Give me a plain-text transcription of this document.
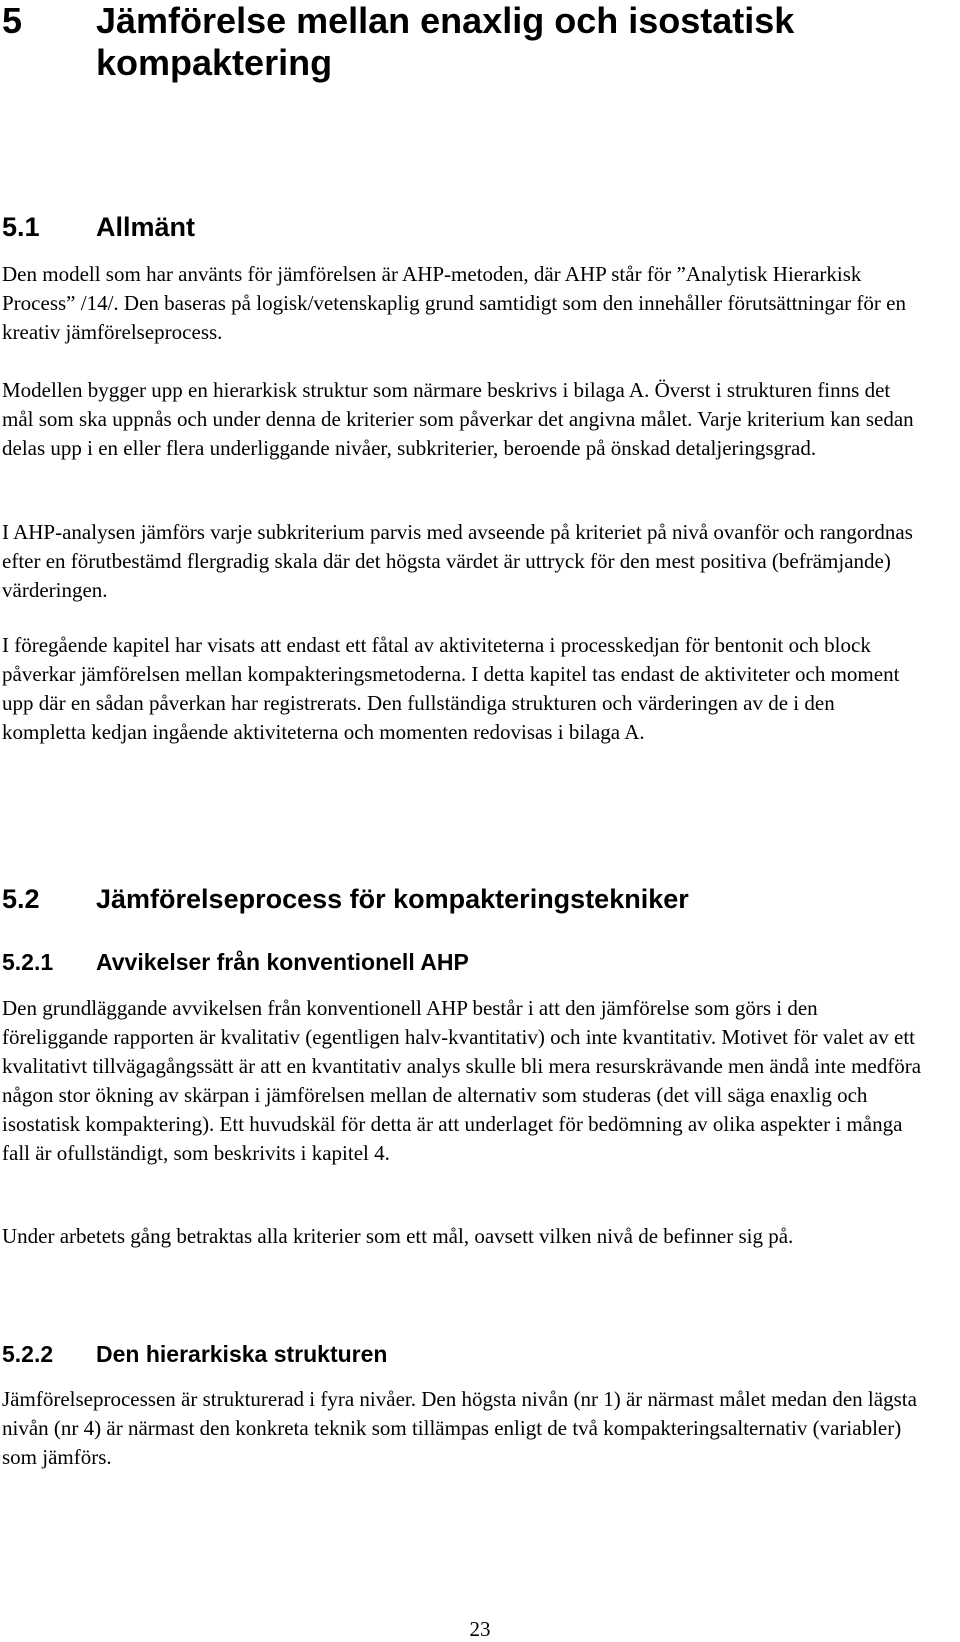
5	Jämförelse mellan enaxlig och isostatisk kompaktering
5.1	Allmänt

Den modell som har använts för jämförelsen är AHP-metoden, där AHP står för ”Analytisk Hierarkisk Process” /14/. Den baseras på logisk/vetenskaplig grund samtidigt som den innehåller förutsättningar för en kreativ jämförelseprocess.

Modellen bygger upp en hierarkisk struktur som närmare beskrivs i bilaga A. Överst i strukturen finns det mål som ska uppnås och under denna de kriterier som påverkar det angivna målet. Varje kriterium kan sedan delas upp i en eller flera underliggande nivåer, subkriterier, beroende på önskad detaljeringsgrad.

I AHP-analysen jämförs varje subkriterium parvis med avseende på kriteriet på nivå ovanför och rangordnas efter en förutbestämd flergradig skala där det högsta värdet är uttryck för den mest positiva (befrämjande) värderingen.

I föregående kapitel har visats att endast ett fåtal av aktiviteterna i processkedjan för bentonit och block påverkar jämförelsen mellan kompakteringsmetoderna. I detta kapitel tas endast de aktiviteter och moment upp där en sådan påverkan har registrerats. Den fullständiga strukturen och värderingen av de i den kompletta kedjan ingående aktiviteterna och momenten redovisas i bilaga A.

5.2	Jämförelseprocess för kompakteringstekniker
5.2.1	Avvikelser från konventionell AHP

Den grundläggande avvikelsen från konventionell AHP består i att den jämförelse som görs i den föreliggande rapporten är kvalitativ (egentligen halv-kvantitativ) och inte kvantitativ. Motivet för valet av ett kvalitativt tillvägagångssätt är att en kvantitativ analys skulle bli mera resurskrävande men ändå inte medföra någon stor ökning av skärpan i jämförelsen mellan de alternativ som studeras (det vill säga enaxlig och isostatisk kompaktering). Ett huvudskäl för detta är att underlaget för bedömning av olika aspekter i många fall är ofullständigt, som beskrivits i kapitel 4.

Under arbetets gång betraktas alla kriterier som ett mål, oavsett vilken nivå de befinner sig på.

5.2.2	Den hierarkiska strukturen

Jämförelseprocessen är strukturerad i fyra nivåer. Den högsta nivån (nr 1) är närmast målet medan den lägsta nivån (nr 4) är närmast den konkreta teknik som tillämpas enligt de två kompakteringsalternativ (variabler) som jämförs.

23
